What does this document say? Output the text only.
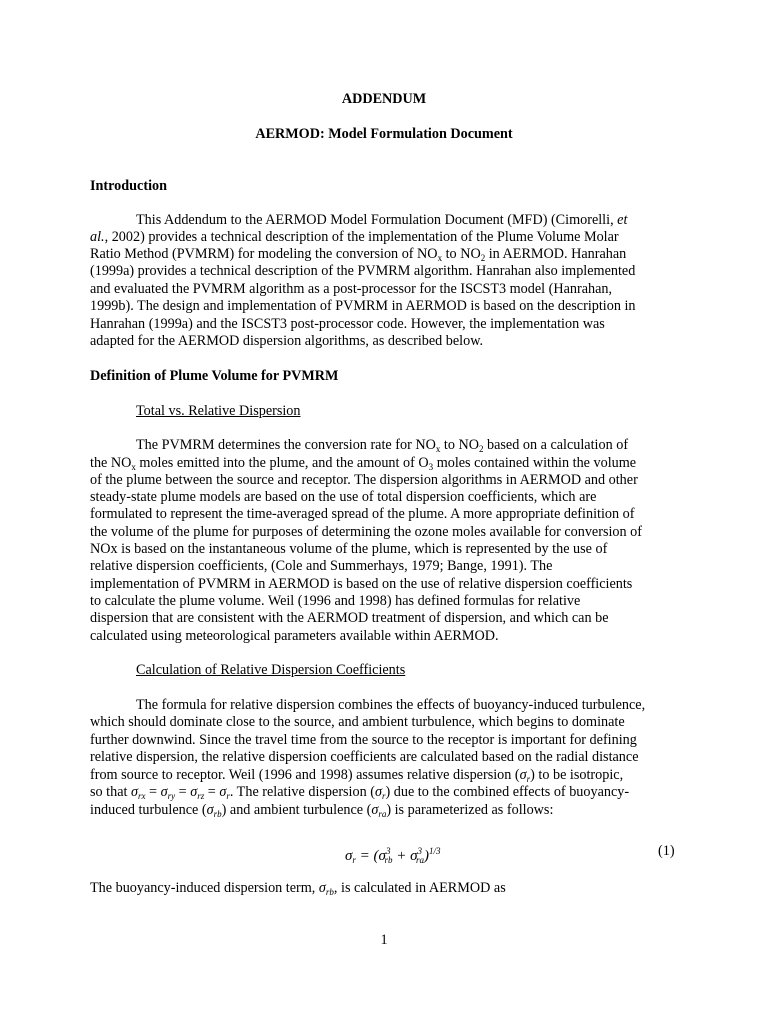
ADDENDUM
AERMOD: Model Formulation Document
Introduction
This Addendum to the AERMOD Model Formulation Document (MFD) (Cimorelli, et
al., 2002) provides a technical description of the implementation of the Plume Volume Molar
Ratio Method (PVMRM) for modeling the conversion of $NO_x$ to $NO_2$ in AERMOD. Hanrahan
(1999a) provides a technical description of the PVMRM algorithm. Hanrahan also implemented
and evaluated the PVMRM algorithm as a post-processor for the ISCST3 model (Hanrahan,
1999b). The design and implementation of PVMRM in AERMOD is based on the description in
Hanrahan (1999a) and the ISCST3 post-processor code. However, the implementation was
adapted for the AERMOD dispersion algorithms, as described below.
Definition of Plume Volume for PVMRM
Total vs. Relative Dispersion
The PVMRM determines the conversion rate for $NO_x$ to $NO_2$ based on a calculation of
the $NO_x$ moles emitted into the plume, and the amount of $O_3$ moles contained within the volume
of the plume between the source and receptor. The dispersion algorithms in AERMOD and other
steady-state plume models are based on the use of total dispersion coefficients, which are
formulated to represent the time-averaged spread of the plume. A more appropriate definition of
the volume of the plume for purposes of determining the ozone moles available for conversion of
NOx is based on the instantaneous volume of the plume, which is represented by the use of
relative dispersion coefficients, (Cole and Summerhays, 1979; Bange, 1991). The
implementation of PVMRM in AERMOD is based on the use of relative dispersion coefficients
to calculate the plume volume. Weil (1996 and 1998) has defined formulas for relative
dispersion that are consistent with the AERMOD treatment of dispersion, and which can be
calculated using meteorological parameters available within AERMOD.
Calculation of Relative Dispersion Coefficients
The formula for relative dispersion combines the effects of buoyancy-induced turbulence,
which should dominate close to the source, and ambient turbulence, which begins to dominate
further downwind. Since the travel time from the source to the receptor is important for defining
relative dispersion, the relative dispersion coefficients are calculated based on the radial distance
from source to receptor. Weil (1996 and 1998) assumes relative dispersion $(\sigma_r)$ to be isotropic,
so that $\sigma_{rx} = \sigma_{ry} = \sigma_{rz} = \sigma_r$. The relative dispersion $(\sigma_r)$ due to the combined effects of buoyancy-
induced turbulence $(\sigma_{rb})$ and ambient turbulence $(\sigma_{ra})$ is parameterized as follows:
$\sigma_r = (\sigma^3_{rb} + \sigma^3_{ra})^{1/3}$	(1)
The buoyancy-induced dispersion term, $\sigma_{rb}$, is calculated in AERMOD as
1
